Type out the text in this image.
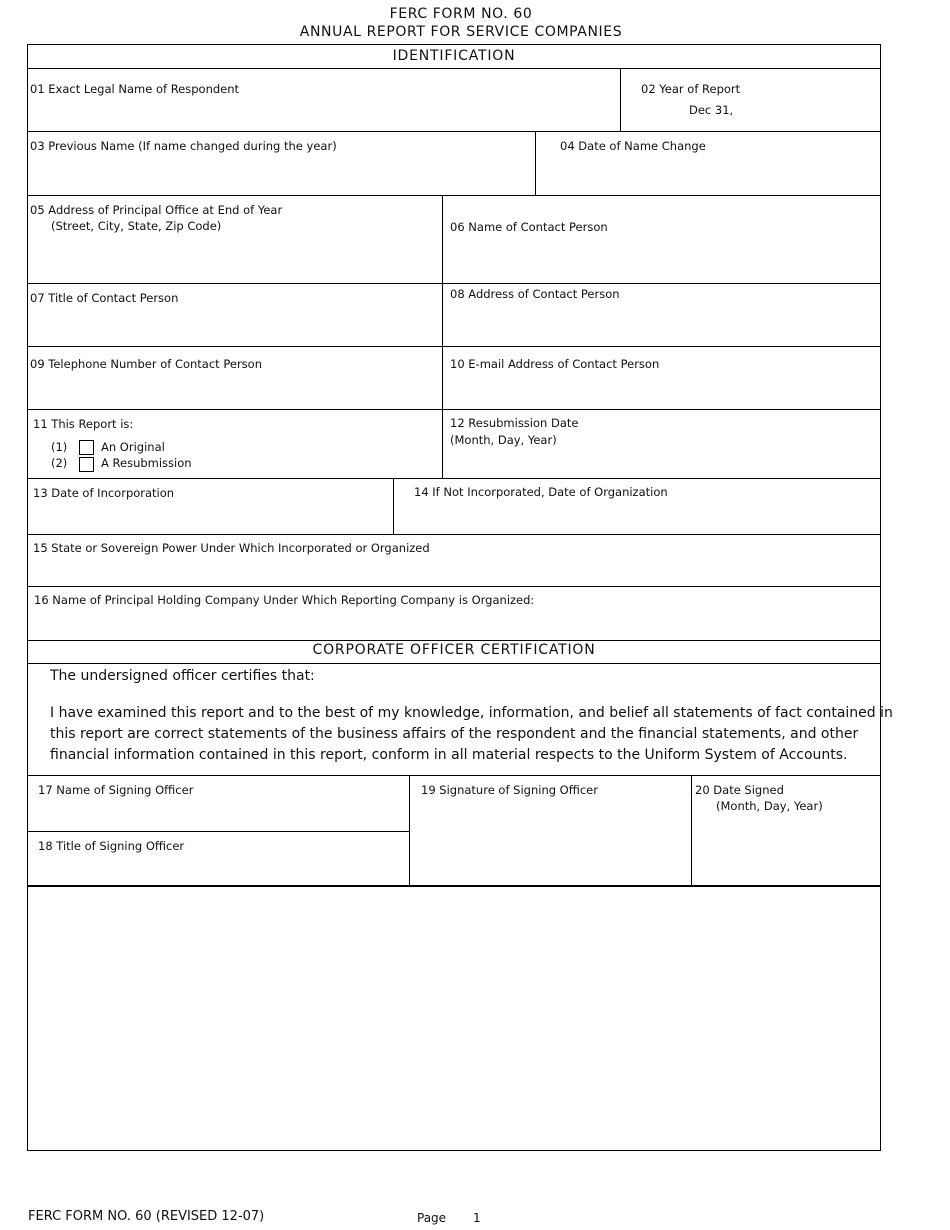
FERC FORM NO. 60
ANNUAL REPORT FOR SERVICE COMPANIES
IDENTIFICATION
01 Exact Legal Name of Respondent	02 Year of Report
Dec 31,
03 Previous Name (If name changed during the year)	04 Date of Name Change
05 Address of Principal Office at End of Year
(Street, City, State, Zip Code)	06 Name of Contact Person
07 Title of Contact Person	08 Address of Contact Person
09 Telephone Number of Contact Person	10 E-mail Address of Contact Person
11 This Report is:
(1)	An Original
(2)	A Resubmission
12 Resubmission Date
(Month, Day, Year)
13 Date of Incorporation	14 If Not Incorporated, Date of Organization
15 State or Sovereign Power Under Which Incorporated or Organized
16 Name of Principal Holding Company Under Which Reporting Company is Organized:
CORPORATE OFFICER CERTIFICATION
The undersigned officer certifies that:
I have examined this report and to the best of my knowledge, information, and belief all statements of fact contained in
this report are correct statements of the business affairs of the respondent and the financial statements, and other
financial information contained in this report, conform in all material respects to the Uniform System of Accounts.
17 Name of Signing Officer
18 Title of Signing Officer
19 Signature of Signing Officer	20 Date Signed
(Month, Day, Year)
FERC FORM NO. 60 (REVISED 12-07)	Page 1
